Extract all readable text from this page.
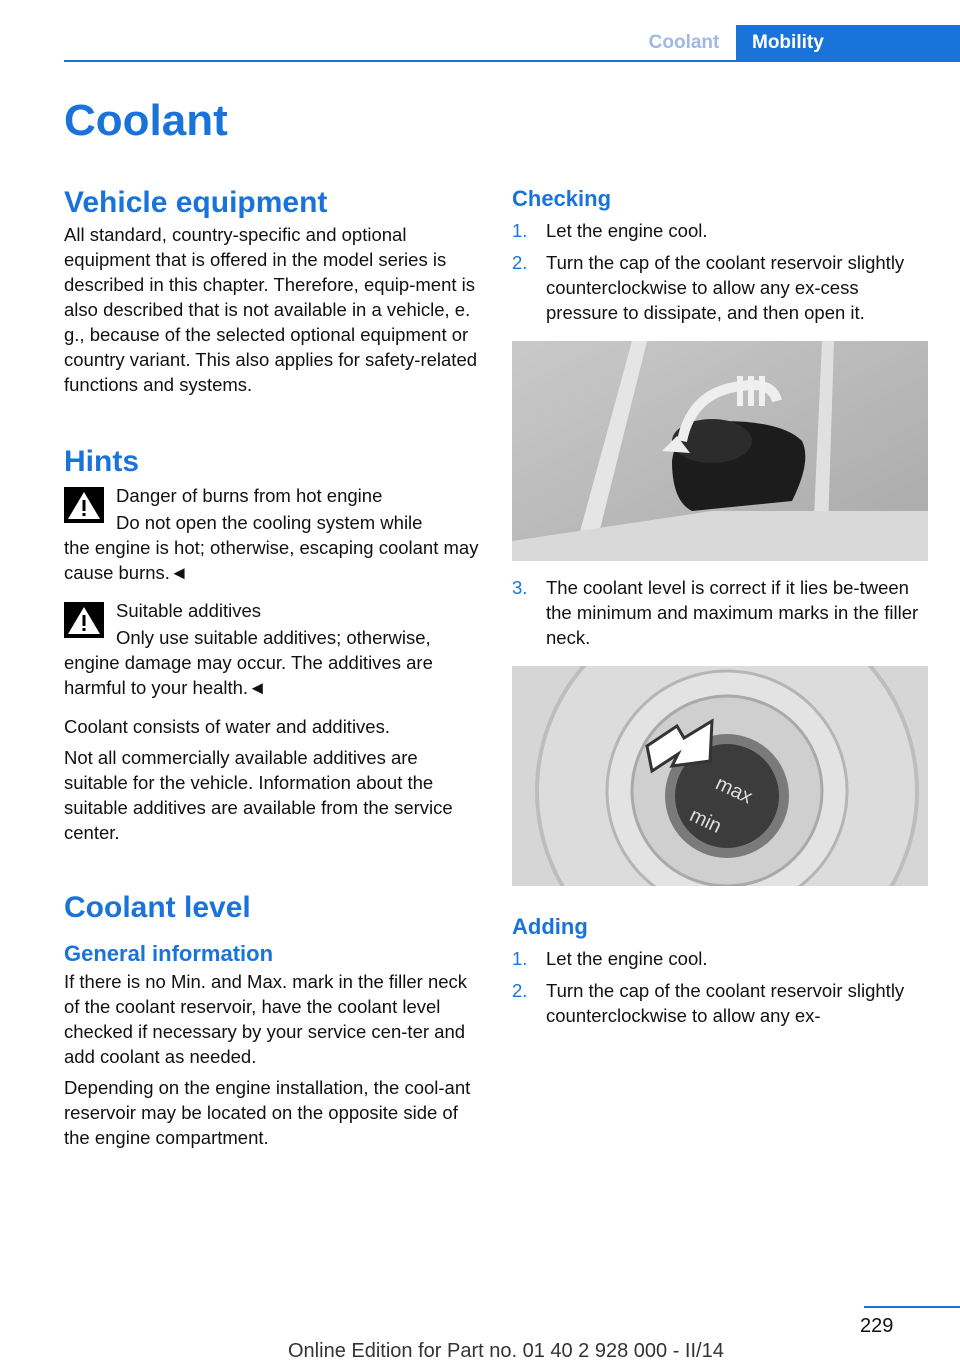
Coolant	Mobility
Coolant
Vehicle equipment

All standard, country-specific and optional equipment that is offered in the model series is described in this chapter. Therefore, equip-ment is also described that is not available in a vehicle, e. g., because of the selected optional equipment or country variant. This also applies for safety-related functions and systems.

Hints

Danger of burns from hot engine

Do not open the cooling system while

the engine is hot; otherwise, escaping coolant may cause burns.◄

Suitable additives

Only use suitable additives; otherwise,

engine damage may occur. The additives are harmful to your health.◄

Coolant consists of water and additives.

Not all commercially available additives are suitable for the vehicle. Information about the suitable additives are available from the service center.

Coolant level
General information

If there is no Min. and Max. mark in the filler neck of the coolant reservoir, have the coolant level checked if necessary by your service cen-ter and add coolant as needed.

Depending on the engine installation, the cool-ant reservoir may be located on the opposite side of the engine compartment.

Checking
1.	Let the engine cool.
2.	Turn the cap of the coolant reservoir slightly counterclockwise to allow any ex-cess pressure to dissipate, and then open it.
3.	The coolant level is correct if it lies be-tween the minimum and maximum marks in the filler neck.
max
min
Adding
1.	Let the engine cool.
2.	Turn the cap of the coolant reservoir slightly counterclockwise to allow any ex-
229
Online Edition for Part no. 01 40 2 928 000 - II/14
